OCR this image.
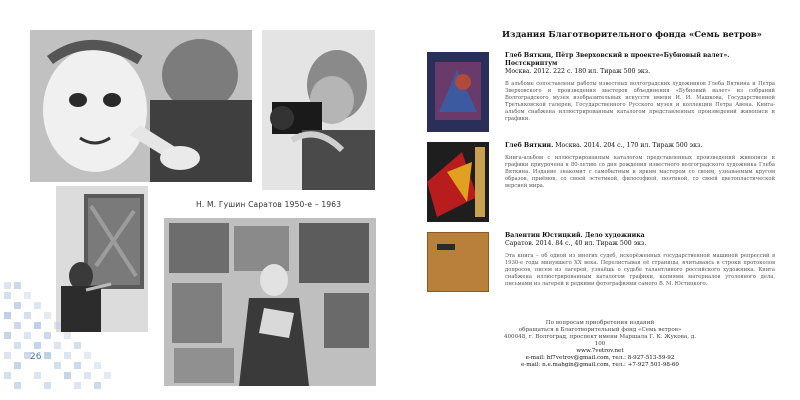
Н. М. Гушин Саратов 1950-е – 1963
26
Издания Благотворительного фонда «Семь ветров»
Глеб Вяткин, Пётр Зверховский в проекте«Бубновый валет». Постскриптум
Москва. 2012. 222 с. 180 ил. Тираж 500 экз.
В альбоме сопоставлены работы известных волгоградских художников Глеба Вяткина и Петра Зверховского и произведения мастеров объединения «Бубновый валет» из собраний Волгоградского музея изобразительных искусств имени И. И. Машкова, Государственной Третьяковской галереи, Государственного Русского музея и коллекции Петра Авена. Книга-альбом снабжена иллюстрированным каталогом представленных произведений живописи и графики.
Глеб Вяткин. Москва. 2014. 204 с., 170 ил. Тираж 500 экз.
Книга-альбом с иллюстрированным каталогом представленных произведений живописи и графики приурочена к 80-летию со дня рождения известного волгоградского художника Глеба Вяткина. Издание знакомит с самобытным и ярким мастером со своим, узнаваемым кругом образов, приёмов, со своей эстетикой, философией, поэтикой, со своей цветопластической версией мира.
Валентин Юстицкий. Дело художника
Саратов. 2014. 84 с., 40 ил. Тираж 500 экз.
Эта книга – об одной из многих судеб, искорёженных государственной машиной репрессий в 1930-е годы минувшего XX века. Перелистывая её страницы, вчитываясь в строки протоколов допросов, писем из лагерей, узнаёшь о судьбе талантливого российского художника. Книга снабжена иллюстрированным каталогом графики, копиями материалов уголовного дела, письмами из лагерей и редкими фотографиями самого В. М. Юстицкого.
По вопросам приобретения изданий
обращаться в Благотворительный фонд «Семь ветров»
400048, г. Волгоград, проспект имени Маршала Г. К. Жукова, д. 100
www.7vetrov.net
e-mail: bf7vetrov@gmail.com, тел.: 8-927-513-59-92
e-mail: n.e.mahgin@gmail.com, тел.: +7-927 501-98-60
